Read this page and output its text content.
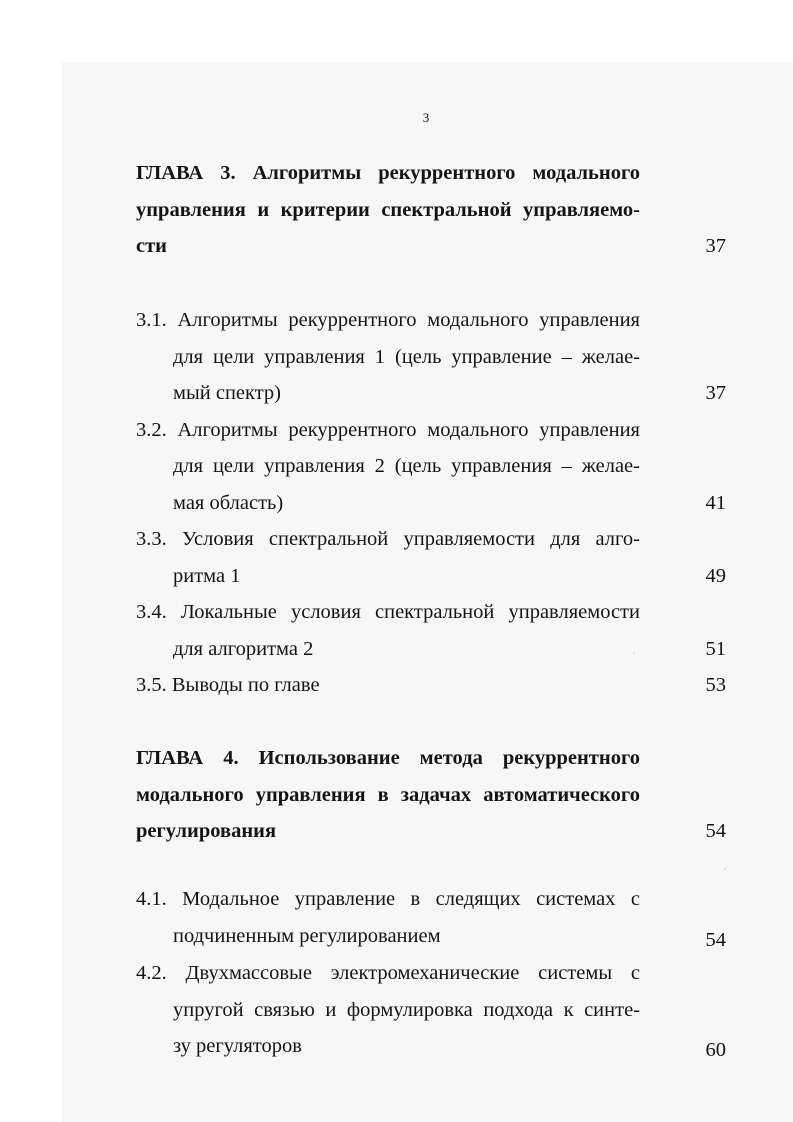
3
ГЛАВА 3. Алгоритмы рекуррентного модального
управления и критерии спектральной управляемо-
сти	37
3.1. Алгоритмы рекуррентного модального управления
для цели управления 1 (цель управление – желае-
мый спектр)	37
3.2. Алгоритмы рекуррентного модального управления
для цели управления 2 (цель управления – желае-
мая область)	41
3.3. Условия спектральной управляемости для алго-
ритма 1	49
3.4. Локальные условия спектральной управляемости
для алгоритма 2	51
3.5. Выводы по главе	53
ГЛАВА 4. Использование метода рекуррентного
модального управления в задачах автоматического
регулирования	54
4.1. Модальное управление в следящих системах с
подчиненным регулированием	54
4.2. Двухмассовые электромеханические системы с
упругой связью и формулировка подхода к синте-
зу регуляторов	60
